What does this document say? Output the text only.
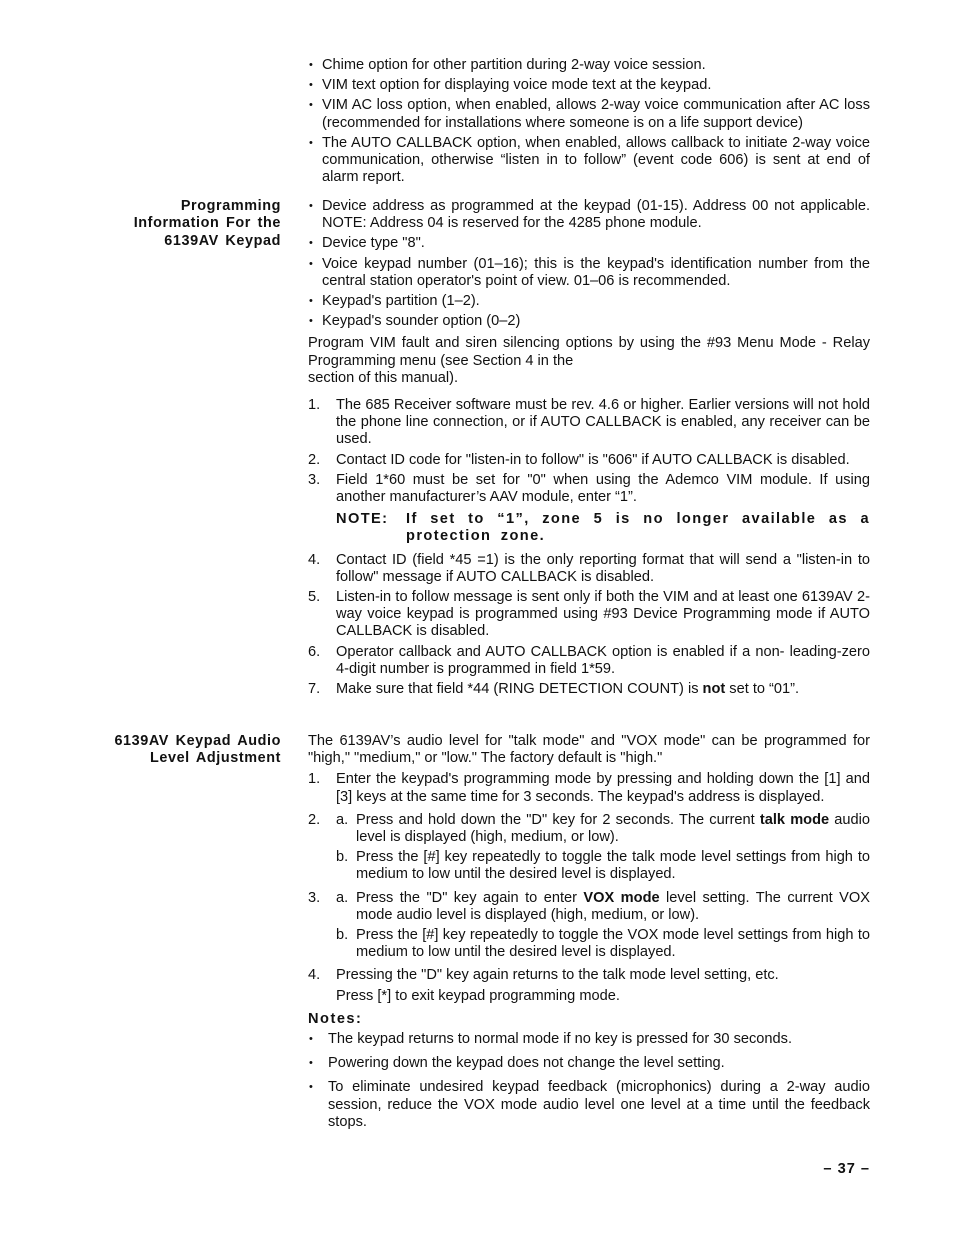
• Chime option for other partition during 2-way voice session.
• VIM text option for displaying voice mode text at the keypad.
• VIM AC loss option, when enabled, allows 2-way voice communication after AC loss (recommended for installations where someone is on a life support device)
• The AUTO CALLBACK option, when enabled, allows callback to initiate 2-way voice communication, otherwise “listen in to follow” (event code 606) is sent at end of alarm report.
Programming
Information For the
6139AV Keypad
• Device address as programmed at the keypad (01-15). Address 00 not applicable. NOTE: Address 04 is reserved for the 4285 phone module.
• Device type "8".
• Voice keypad number (01–16); this is the keypad's identification number from the central station operator's point of view. 01–06 is recommended.
• Keypad's partition (1–2).
• Keypad's sounder option (0–2)
Program VIM fault and siren silencing options by using the #93 Menu Mode - Relay Programming menu (see Section 4 in the
section of this manual).
1. The 685 Receiver software must be rev. 4.6 or higher. Earlier versions will not hold the phone line connection, or if AUTO CALLBACK is enabled, any receiver can be used.
2. Contact ID code for "listen-in to follow" is "606" if AUTO CALLBACK is disabled.
3. Field 1*60 must be set for "0" when using the Ademco VIM module. If using another manufacturer’s AAV module, enter “1”.
NOTE:	If set to “1”, zone 5 is no longer available as a protection zone.
4. Contact ID (field *45 =1) is the only reporting format that will send a "listen-in to follow" message if AUTO CALLBACK is disabled.
5. Listen-in to follow message is sent only if both the VIM and at least one 6139AV 2-way voice keypad is programmed using #93 Device Programming mode if AUTO CALLBACK is disabled.
6. Operator callback and AUTO CALLBACK option is enabled if a non- leading-zero 4-digit number is programmed in field 1*59.
7. Make sure that field *44 (RING DETECTION COUNT) is not set to “01”.
6139AV Keypad Audio
Level Adjustment
The 6139AV’s audio level for "talk mode" and "VOX mode" can be programmed for "high," "medium," or "low." The factory default is "high."
1. Enter the keypad's programming mode by pressing and holding down the [1] and [3] keys at the same time for 3 seconds. The keypad's address is displayed.
2. a. Press and hold down the "D" key for 2 seconds. The current talk mode audio level is displayed (high, medium, or low).
b. Press the [#] key repeatedly to toggle the talk mode level settings from high to medium to low until the desired level is displayed.
3. a. Press the "D" key again to enter VOX mode level setting. The current VOX mode audio level is displayed (high, medium, or low).
b. Press the [#] key repeatedly to toggle the VOX mode level settings from high to medium to low until the desired level is displayed.
4. Pressing the "D" key again returns to the talk mode level setting, etc.
Press [*] to exit keypad programming mode.
Notes:
• The keypad returns to normal mode if no key is pressed for 30 seconds.
• Powering down the keypad does not change the level setting.
• To eliminate undesired keypad feedback (microphonics) during a 2-way audio session, reduce the VOX mode audio level one level at a time until the feedback stops.
– 37 –
